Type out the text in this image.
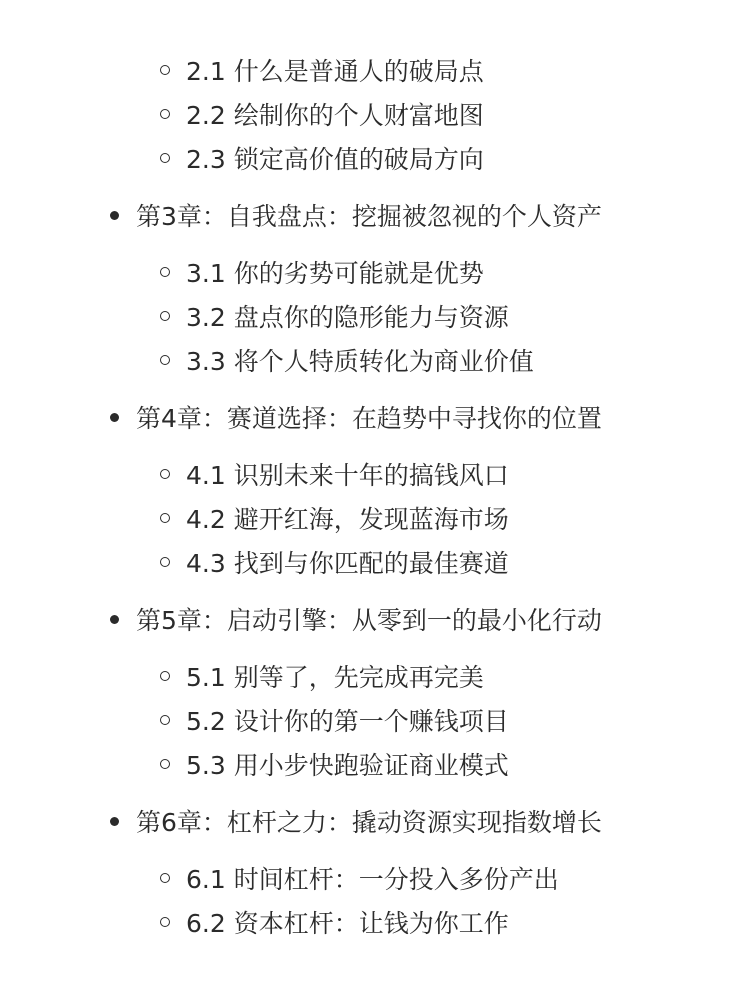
2.1 什么是普通人的破局点
2.2 绘制你的个人财富地图
2.3 锁定高价值的破局方向
第3章：自我盘点：挖掘被忽视的个人资产
3.1 你的劣势可能就是优势
3.2 盘点你的隐形能力与资源
3.3 将个人特质转化为商业价值
第4章：赛道选择：在趋势中寻找你的位置
4.1 识别未来十年的搞钱风口
4.2 避开红海，发现蓝海市场
4.3 找到与你匹配的最佳赛道
第5章：启动引擎：从零到一的最小化行动
5.1 别等了，先完成再完美
5.2 设计你的第一个赚钱项目
5.3 用小步快跑验证商业模式
第6章：杠杆之力：撬动资源实现指数增长
6.1 时间杠杆：一分投入多份产出
6.2 资本杠杆：让钱为你工作
